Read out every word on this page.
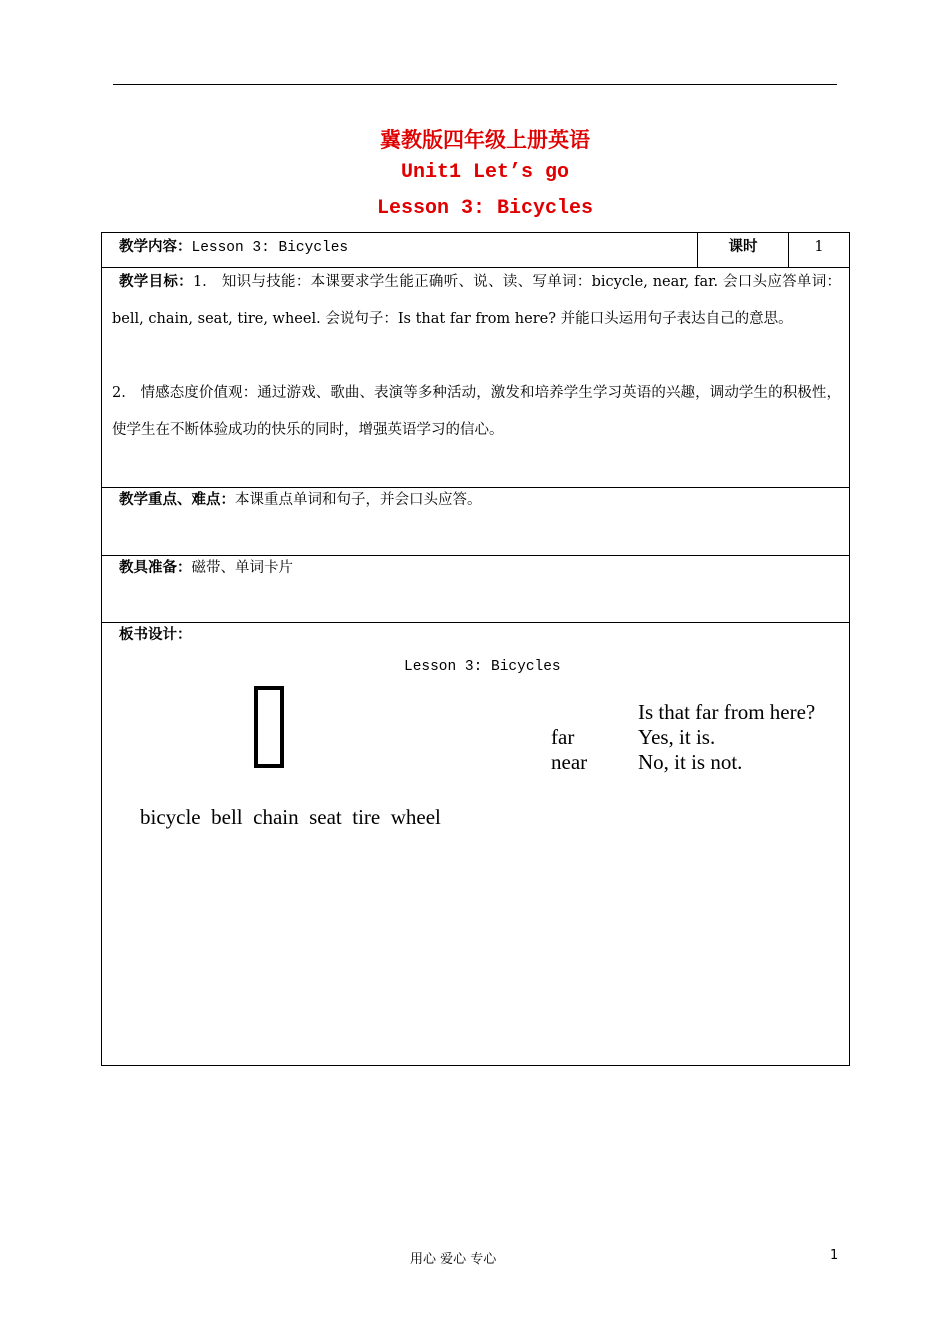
冀教版四年级上册英语
Unit1 Let’s go
Lesson 3: Bicycles
教学内容：Lesson 3: Bicycles	课时	1
教学目标：1.　知识与技能：本课要求学生能正确听、说、读、写单词：bicycle, near, far. 会口头应答单词：bell, chain, seat, tire, wheel. 会说句子：Is that far from here? 并能口头运用句子表达自己的意思。
2.　情感态度价值观：通过游戏、歌曲、表演等多种活动，激发和培养学生学习英语的兴趣，调动学生的积极性，使学生在不断体验成功的快乐的同时，增强英语学习的信心。
教学重点、难点：本课重点单词和句子，并会口头应答。
教具准备：磁带、单词卡片
板书设计：
Lesson 3: Bicycles
far
near
Is that far from here?
Yes, it is.
No, it is not.
bicycle  bell  chain  seat  tire  wheel
用心 爱心 专心	1
